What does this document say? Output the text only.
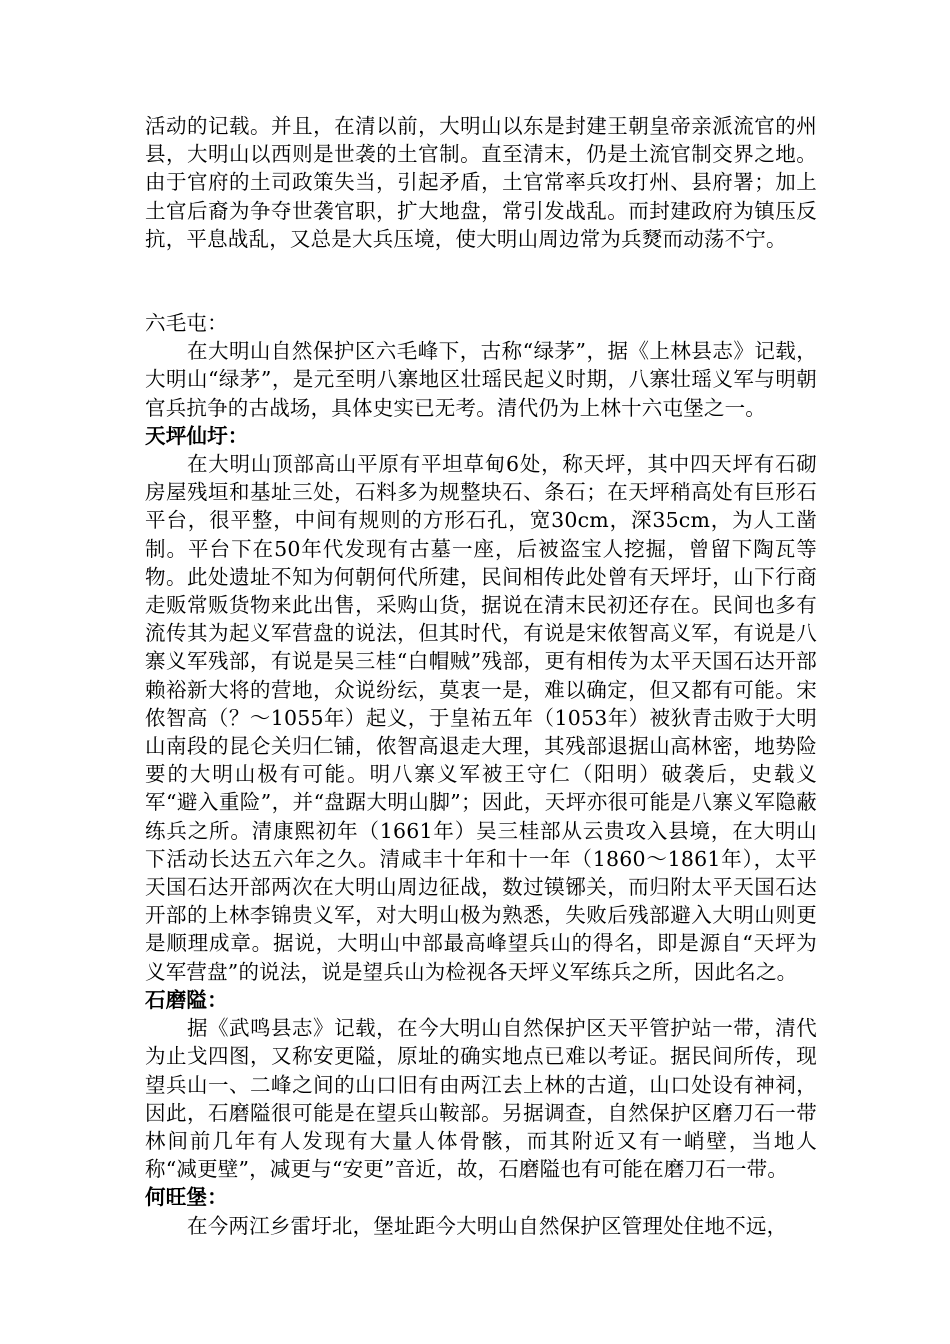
活动的记载。并且，在清以前，大明山以东是封建王朝皇帝亲派流官的州县，大明山以西则是世袭的土官制。直至清末，仍是土流官制交界之地。由于官府的土司政策失当，引起矛盾，土官常率兵攻打州、县府署；加上土官后裔为争夺世袭官职，扩大地盘，常引发战乱。而封建政府为镇压反抗，平息战乱，又总是大兵压境，使大明山周边常为兵燹而动荡不宁。

六毛屯：

在大明山自然保护区六毛峰下，古称“绿茅”，据《上林县志》记载，大明山“绿茅”，是元至明八寨地区壮瑶民起义时期，八寨壮瑶义军与明朝官兵抗争的古战场，具体史实已无考。清代仍为上林十六屯堡之一。

天坪仙圩：

在大明山顶部高山平原有平坦草甸6处，称天坪，其中四天坪有石砌房屋残垣和基址三处，石料多为规整块石、条石；在天坪稍高处有巨形石平台，很平整，中间有规则的方形石孔，宽30cm，深35cm，为人工凿制。平台下在50年代发现有古墓一座，后被盗宝人挖掘，曾留下陶瓦等物。此处遗址不知为何朝何代所建，民间相传此处曾有天坪圩，山下行商走贩常贩货物来此出售，采购山货，据说在清末民初还存在。民间也多有流传其为起义军营盘的说法，但其时代，有说是宋侬智高义军，有说是八寨义军残部，有说是吴三桂“白帽贼”残部，更有相传为太平天国石达开部赖裕新大将的营地，众说纷纭，莫衷一是，难以确定，但又都有可能。宋侬智高（？～1055年）起义，于皇祐五年（1053年）被狄青击败于大明山南段的昆仑关归仁铺，侬智高退走大理，其残部退据山高林密，地势险要的大明山极有可能。明八寨义军被王守仁（阳明）破袭后，史载义军“避入重险”，并“盘踞大明山脚”；因此，天坪亦很可能是八寨义军隐蔽练兵之所。清康熙初年（1661年）吴三桂部从云贵攻入县境，在大明山下活动长达五六年之久。清咸丰十年和十一年（1860～1861年），太平天国石达开部两次在大明山周边征战，数过镆铘关，而归附太平天国石达开部的上林李锦贵义军，对大明山极为熟悉，失败后残部避入大明山则更是顺理成章。据说，大明山中部最高峰望兵山的得名，即是源自“天坪为义军营盘”的说法，说是望兵山为检视各天坪义军练兵之所，因此名之。

石磨隘：

据《武鸣县志》记载，在今大明山自然保护区天平管护站一带，清代为止戈四图，又称安更隘，原址的确实地点已难以考证。据民间所传，现望兵山一、二峰之间的山口旧有由两江去上林的古道，山口处设有神祠，因此，石磨隘很可能是在望兵山鞍部。另据调查，自然保护区磨刀石一带林间前几年有人发现有大量人体骨骸，而其附近又有一峭壁，当地人称“减更壁”，减更与“安更”音近，故，石磨隘也有可能在磨刀石一带。

何旺堡：

在今两江乡雷圩北，堡址距今大明山自然保护区管理处住地不远，
